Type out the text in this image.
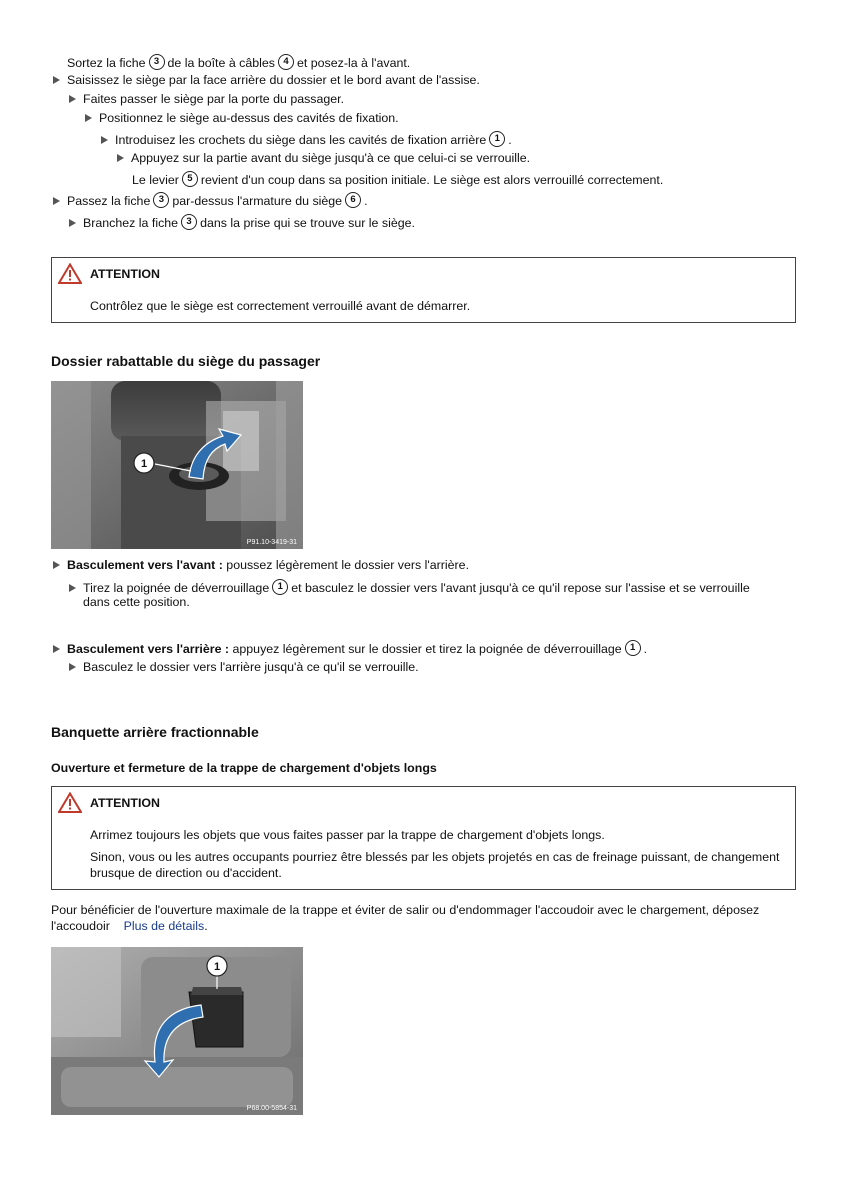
Sortez la fiche 3 de la boîte à câbles 4 et posez-la à l'avant.
Saisissez le siège par la face arrière du dossier et le bord avant de l'assise.
Faites passer le siège par la porte du passager.
Positionnez le siège au-dessus des cavités de fixation.
Introduisez les crochets du siège dans les cavités de fixation arrière 1 .
Appuyez sur la partie avant du siège jusqu'à ce que celui-ci se verrouille.
Le levier 5 revient d'un coup dans sa position initiale. Le siège est alors verrouillé correctement.
Passez la fiche 3 par-dessus l'armature du siège 6 .
Branchez la fiche 3 dans la prise qui se trouve sur le siège.
ATTENTION
Contrôlez que le siège est correctement verrouillé avant de démarrer.
Dossier rabattable du siège du passager
1
P91.10-3419-31
Basculement vers l'avant : poussez légèrement le dossier vers l'arrière.
Tirez la poignée de déverrouillage 1 et basculez le dossier vers l'avant jusqu'à ce qu'il repose sur l'assise et se verrouille
dans cette position.
Basculement vers l'arrière : appuyez légèrement sur le dossier et tirez la poignée de déverrouillage 1 .
Basculez le dossier vers l'arrière jusqu'à ce qu'il se verrouille.
Banquette arrière fractionnable
Ouverture et fermeture de la trappe de chargement d'objets longs
ATTENTION
Arrimez toujours les objets que vous faites passer par la trappe de chargement d'objets longs.
Sinon, vous ou les autres occupants pourriez être blessés par les objets projetés en cas de freinage puissant, de changement brusque de direction ou d'accident.
Pour bénéficier de l'ouverture maximale de la trappe et éviter de salir ou d'endommager l'accoudoir avec le chargement, déposez
l'accoudoir Plus de détails.
1
P68.00-5854-31
